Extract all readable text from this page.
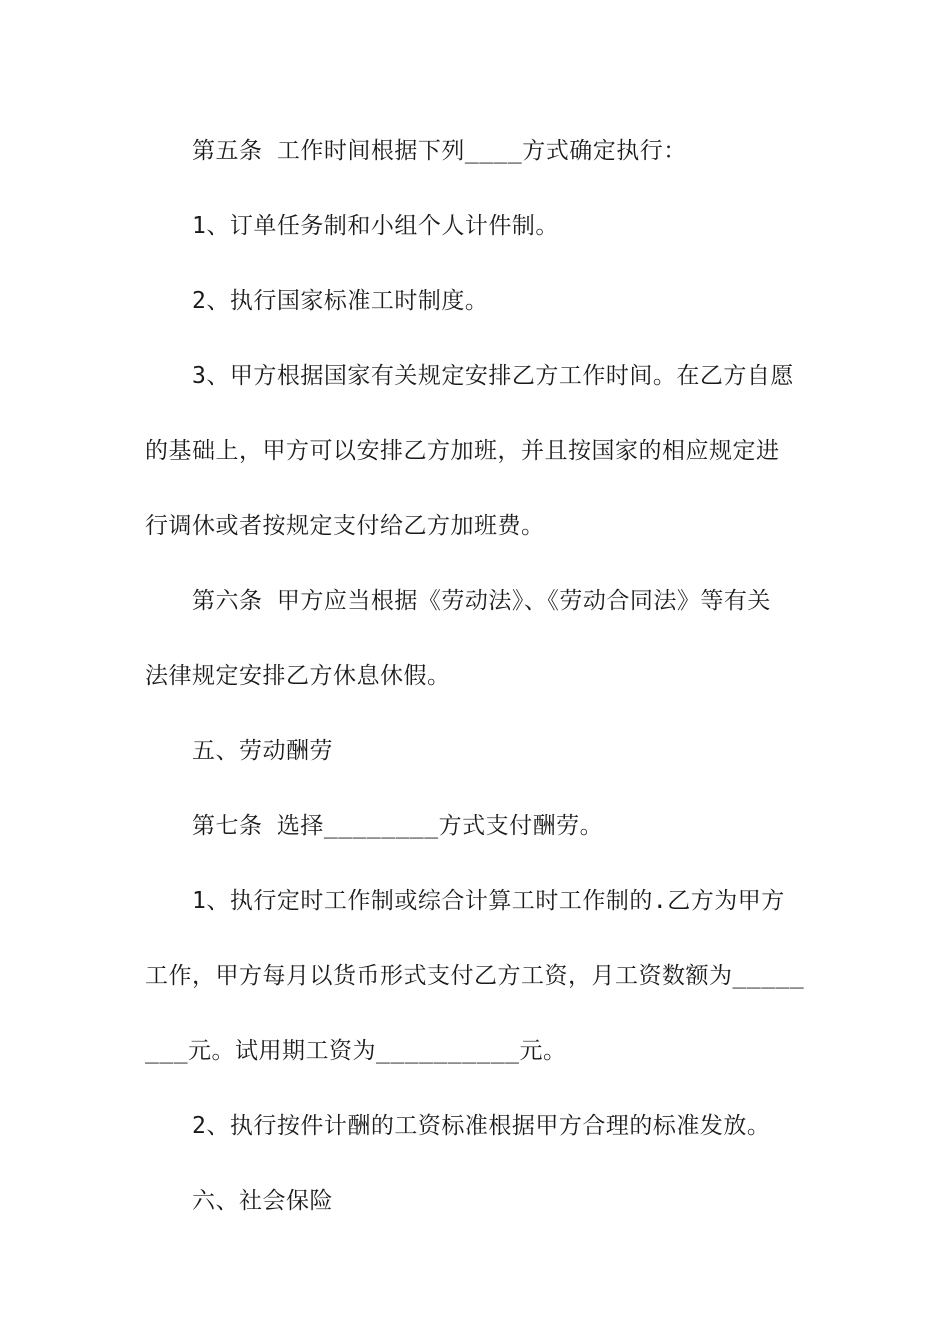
第五条 工作时间根据下列____方式确定执行：
1、订单任务制和小组个人计件制。
2、执行国家标准工时制度。
3、甲方根据国家有关规定安排乙方工作时间。在乙方自愿
的基础上，甲方可以安排乙方加班，并且按国家的相应规定进
行调休或者按规定支付给乙方加班费。
第六条 甲方应当根据《劳动法》、《劳动合同法》等有关
法律规定安排乙方休息休假。
五、劳动酬劳
第七条 选择________方式支付酬劳。
1、执行定时工作制或综合计算工时工作制的.乙方为甲方
工作，甲方每月以货币形式支付乙方工资，月工资数额为_____
___元。试用期工资为__________元。
2、执行按件计酬的工资标准根据甲方合理的标准发放。
六、社会保险
